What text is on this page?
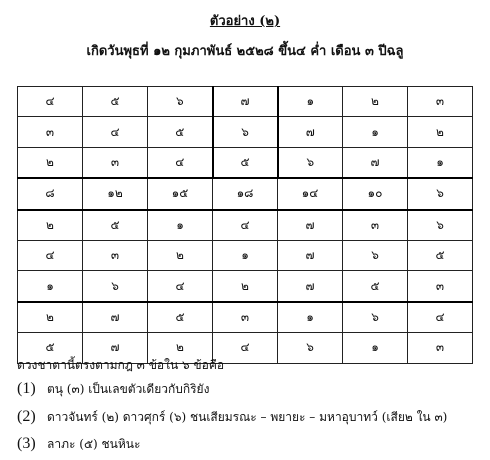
ตัวอย่าง (๒)
เกิดวันพุธที่ ๑๒ กุมภาพันธ์ ๒๕๒๘ ขึ้น๔ ค่ำ เดือน ๓ ปีฉลู
๔	๕	๖	๗	๑	๒	๓
๓	๔	๕	๖	๗	๑	๒
๒	๓	๔	๕	๖	๗	๑
๘	๑๒	๑๕	๑๘	๑๔	๑๐	๖
๒	๕	๑	๔	๗	๓	๖
๔	๓	๒	๑	๗	๖	๕
๑	๖	๔	๒	๗	๕	๓
๒	๗	๕	๓	๑	๖	๔
๕	๗	๒	๔	๖	๑	๓
ดวงชาตานี้ตรงตามกฎ ๓ ข้อใน ๖ ข้อคือ
(1) ตนุ (๓) เป็นเลขตัวเดียวกับกิริยัง
(2) ดาวจันทร์ (๒) ดาวศุกร์ (๖) ชนเสียมรณะ – พยายะ – มหาอุบาทว์ (เสีย๒ ใน ๓)
(3) ลาภะ (๕) ชนหินะ
